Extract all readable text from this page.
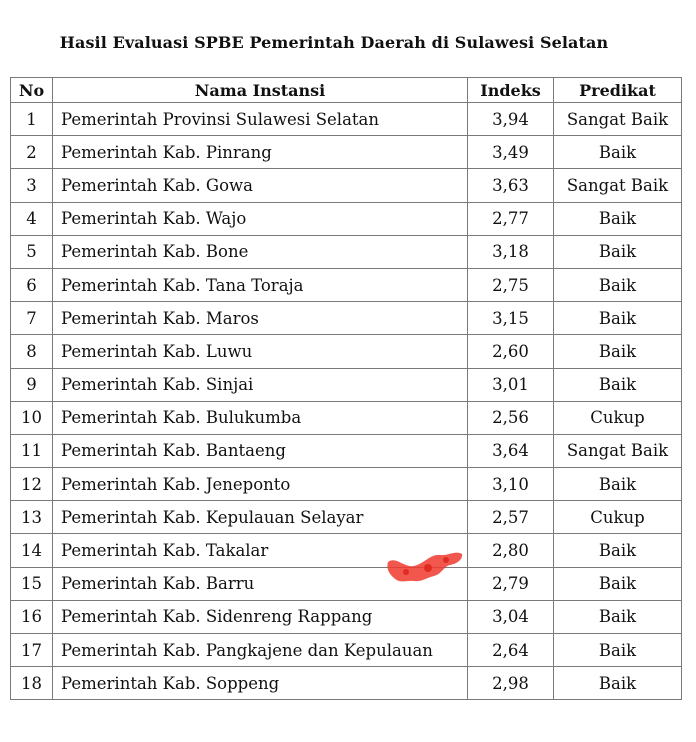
Hasil Evaluasi SPBE Pemerintah Daerah di Sulawesi Selatan
No	Nama Instansi	Indeks	Predikat
1	Pemerintah Provinsi Sulawesi Selatan	3,94	Sangat Baik
2	Pemerintah Kab. Pinrang	3,49	Baik
3	Pemerintah Kab. Gowa	3,63	Sangat Baik
4	Pemerintah Kab. Wajo	2,77	Baik
5	Pemerintah Kab. Bone	3,18	Baik
6	Pemerintah Kab. Tana Toraja	2,75	Baik
7	Pemerintah Kab. Maros	3,15	Baik
8	Pemerintah Kab. Luwu	2,60	Baik
9	Pemerintah Kab. Sinjai	3,01	Baik
10	Pemerintah Kab. Bulukumba	2,56	Cukup
11	Pemerintah Kab. Bantaeng	3,64	Sangat Baik
12	Pemerintah Kab. Jeneponto	3,10	Baik
13	Pemerintah Kab. Kepulauan Selayar	2,57	Cukup
14	Pemerintah Kab. Takalar	2,80	Baik
15	Pemerintah Kab. Barru	2,79	Baik
16	Pemerintah Kab. Sidenreng Rappang	3,04	Baik
17	Pemerintah Kab. Pangkajene dan Kepulauan	2,64	Baik
18	Pemerintah Kab. Soppeng	2,98	Baik
